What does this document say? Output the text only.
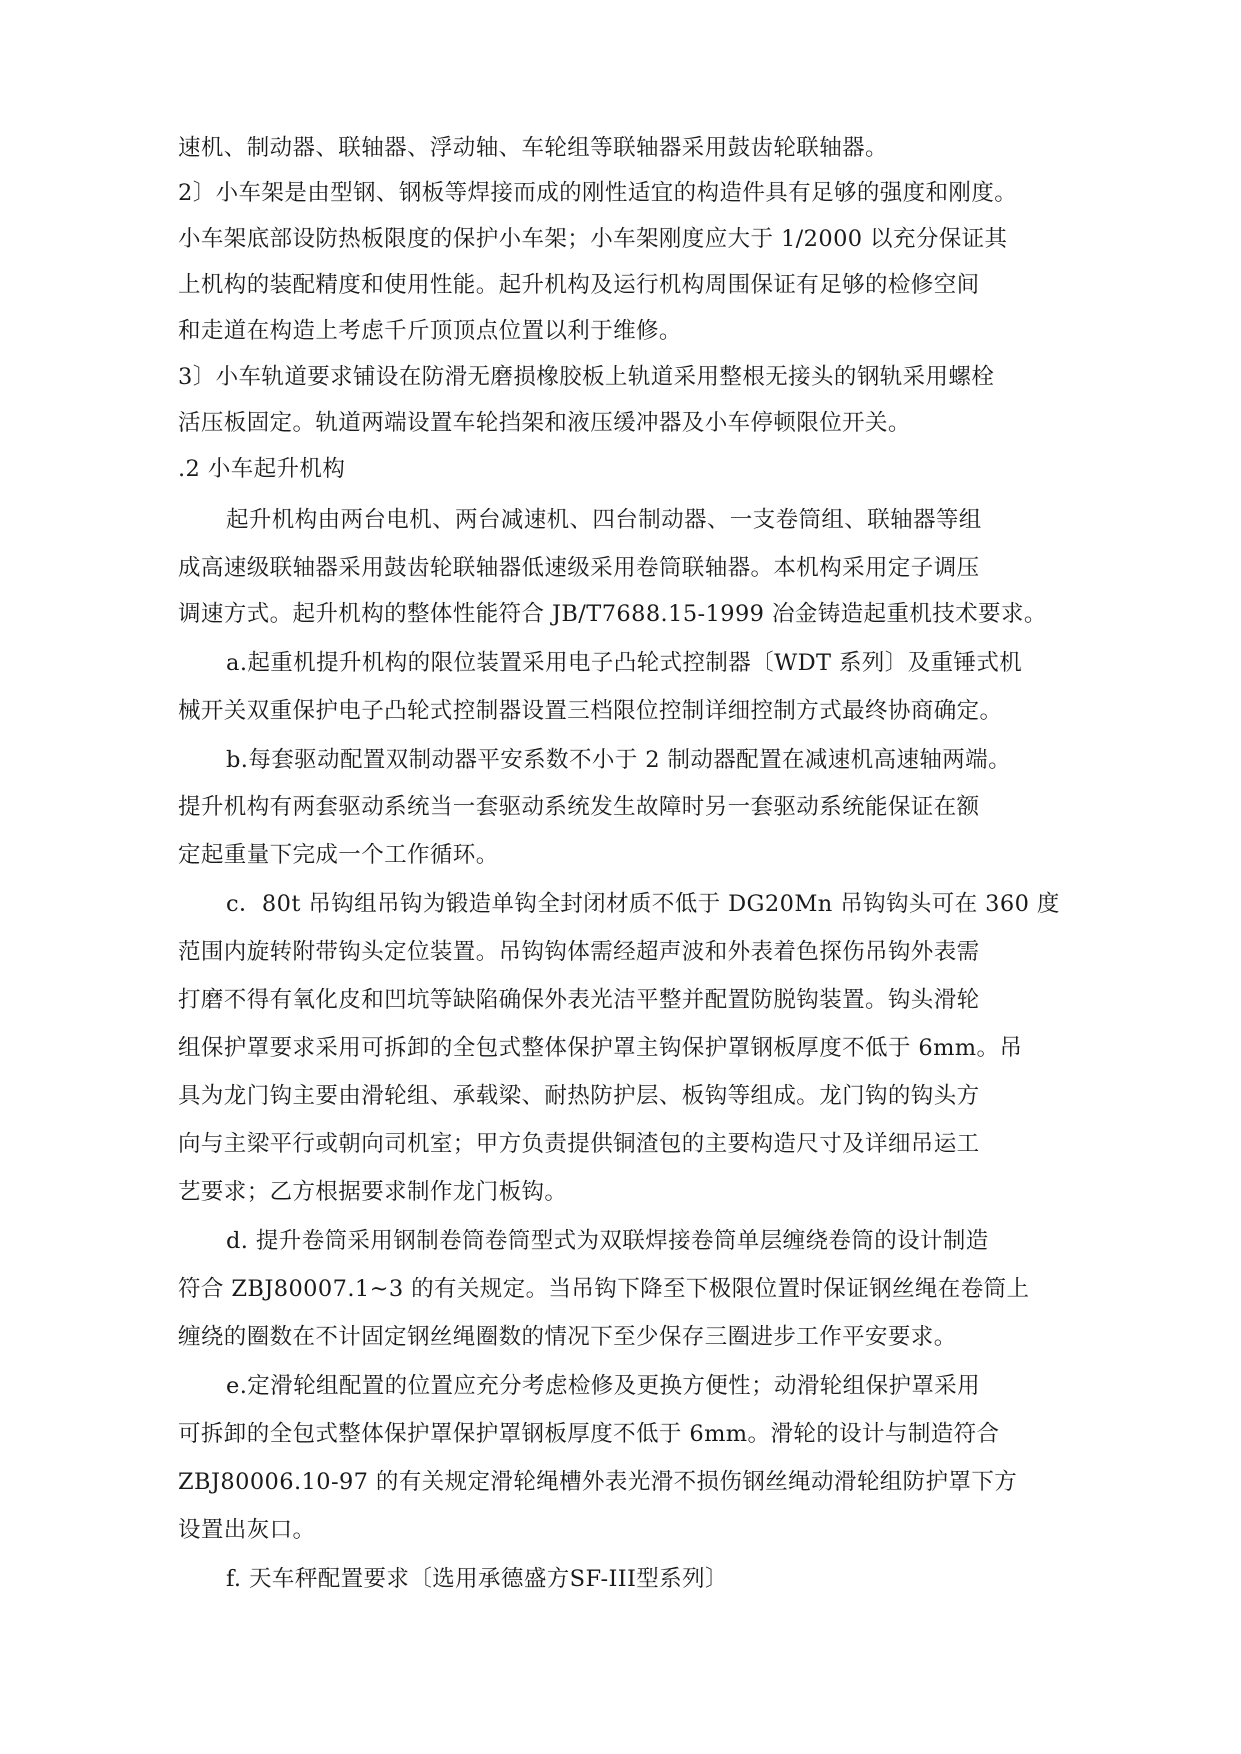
速机、制动器、联轴器、浮动轴、车轮组等联轴器采用鼓齿轮联轴器。
2〕小车架是由型钢、钢板等焊接而成的刚性适宜的构造件具有足够的强度和刚度。
小车架底部设防热板限度的保护小车架；小车架刚度应大于 1/2000 以充分保证其
上机构的装配精度和使用性能。起升机构及运行机构周围保证有足够的检修空间
和走道在构造上考虑千斤顶顶点位置以利于维修。
3〕小车轨道要求铺设在防滑无磨损橡胶板上轨道采用整根无接头的钢轨采用螺栓
活压板固定。轨道两端设置车轮挡架和液压缓冲器及小车停顿限位开关。
.2 小车起升机构
起升机构由两台电机、两台减速机、四台制动器、一支卷筒组、联轴器等组
成高速级联轴器采用鼓齿轮联轴器低速级采用卷筒联轴器。本机构采用定子调压
调速方式。起升机构的整体性能符合 JB/T7688.15-1999 冶金铸造起重机技术要求。
a.起重机提升机构的限位装置采用电子凸轮式控制器〔WDT 系列〕及重锤式机
械开关双重保护电子凸轮式控制器设置三档限位控制详细控制方式最终协商确定。
b.每套驱动配置双制动器平安系数不小于 2 制动器配置在减速机高速轴两端。
提升机构有两套驱动系统当一套驱动系统发生故障时另一套驱动系统能保证在额
定起重量下完成一个工作循环。
c．80t 吊钩组吊钩为锻造单钩全封闭材质不低于 DG20Mn 吊钩钩头可在 360 度
范围内旋转附带钩头定位装置。吊钩钩体需经超声波和外表着色探伤吊钩外表需
打磨不得有氧化皮和凹坑等缺陷确保外表光洁平整并配置防脱钩装置。钩头滑轮
组保护罩要求采用可拆卸的全包式整体保护罩主钩保护罩钢板厚度不低于 6mm。吊
具为龙门钩主要由滑轮组、承载梁、耐热防护层、板钩等组成。龙门钩的钩头方
向与主梁平行或朝向司机室；甲方负责提供铜渣包的主要构造尺寸及详细吊运工
艺要求；乙方根据要求制作龙门板钩。
d. 提升卷筒采用钢制卷筒卷筒型式为双联焊接卷筒单层缠绕卷筒的设计制造
符合 ZBJ80007.1~3 的有关规定。当吊钩下降至下极限位置时保证钢丝绳在卷筒上
缠绕的圈数在不计固定钢丝绳圈数的情况下至少保存三圈进步工作平安要求。
e.定滑轮组配置的位置应充分考虑检修及更换方便性；动滑轮组保护罩采用
可拆卸的全包式整体保护罩保护罩钢板厚度不低于 6mm。滑轮的设计与制造符合
ZBJ80006.10-97 的有关规定滑轮绳槽外表光滑不损伤钢丝绳动滑轮组防护罩下方
设置出灰口。
f. 天车秤配置要求〔选用承德盛方SF-III型系列〕
